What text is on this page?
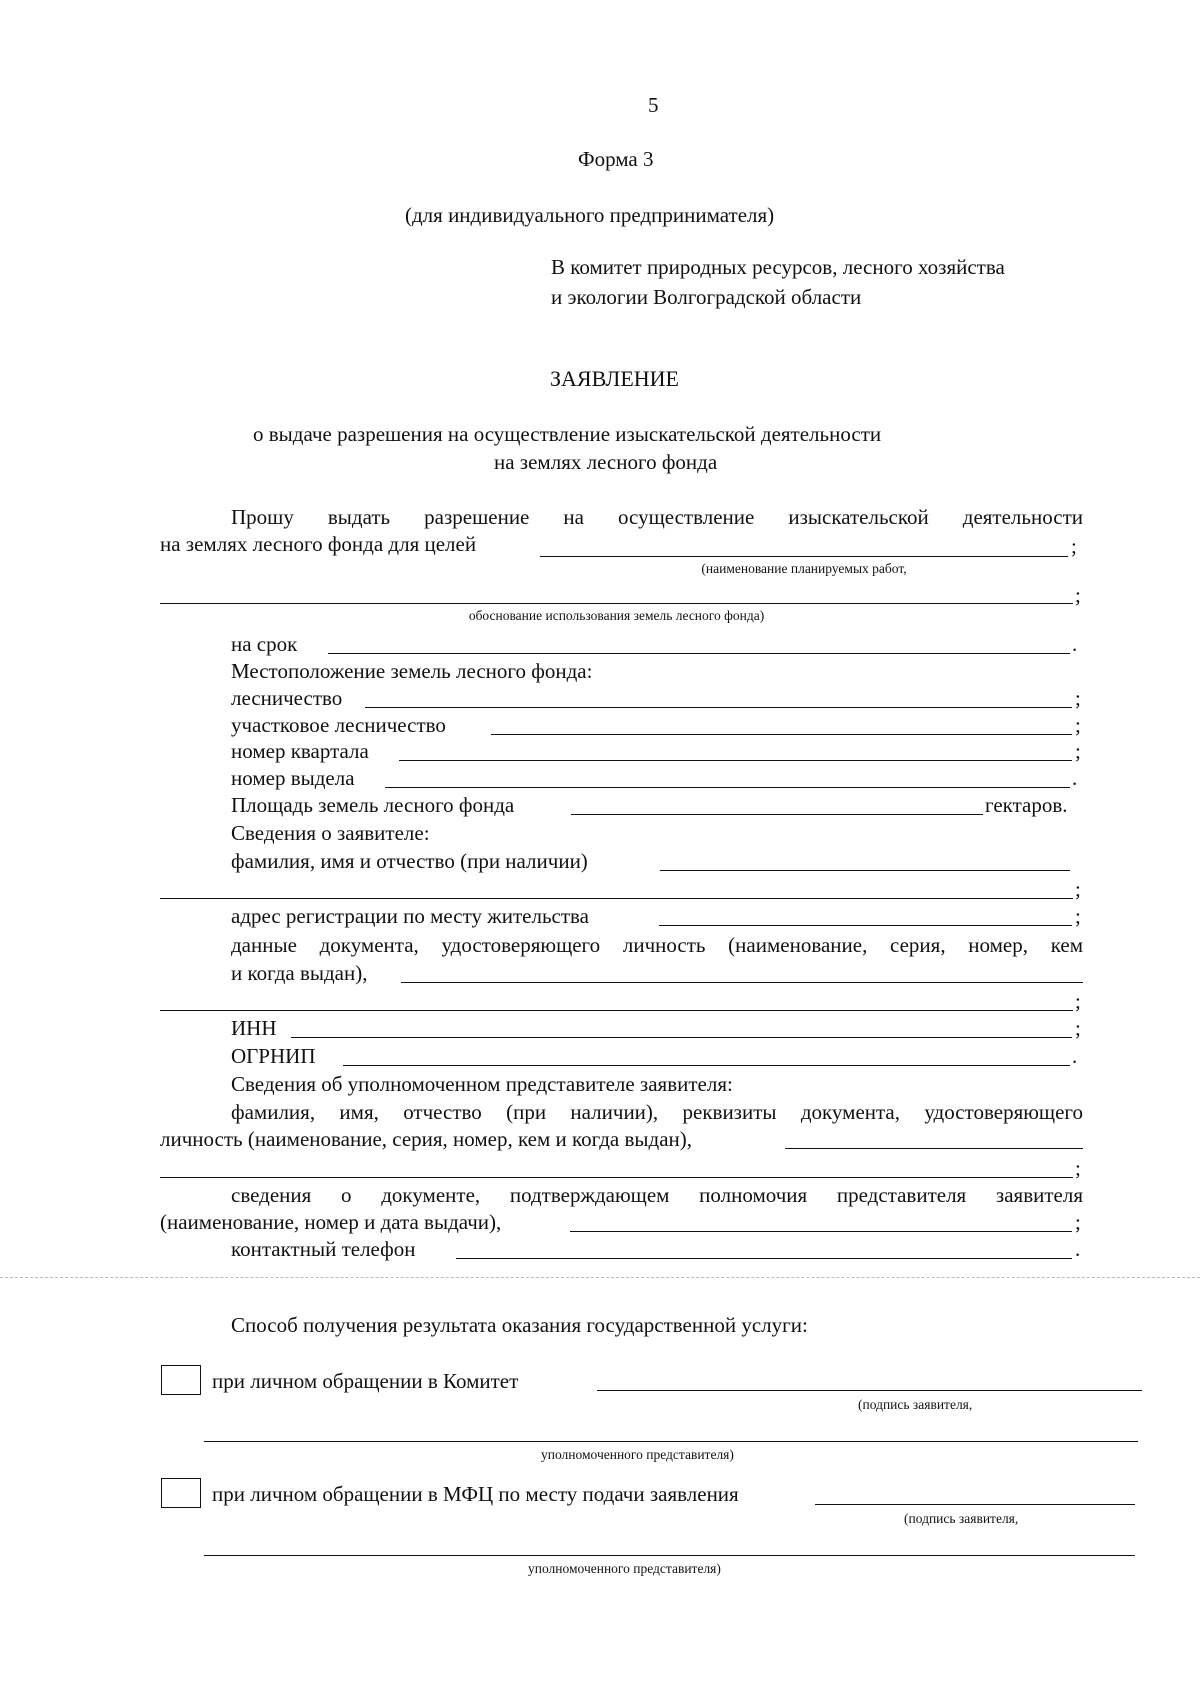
5
Форма 3
(для индивидуального предпринимателя)
В комитет природных ресурсов, лесного хозяйства
и экологии Волгоградской области
ЗАЯВЛЕНИЕ
о выдаче разрешения на осуществление изыскательской деятельности
на землях лесного фонда
Прошу выдать разрешение на осуществление изыскательской деятельности
на землях лесного фонда для целей	;
(наименование планируемых работ,
;
обоснование использования земель лесного фонда)
на срок	.
Местоположение земель лесного фонда:
лесничество	;
участковое лесничество	;
номер квартала	;
номер выдела	.
Площадь земель лесного фонда	гектаров.
Сведения о заявителе:
фамилия, имя и отчество (при наличии)
;
адрес регистрации по месту жительства	;
данные документа, удостоверяющего личность (наименование, серия, номер, кем
и когда выдан),
;
ИНН	;
ОГРНИП	.
Сведения об уполномоченном представителе заявителя:
фамилия, имя, отчество (при наличии), реквизиты документа, удостоверяющего
личность (наименование, серия, номер, кем и когда выдан),
;
сведения о документе, подтверждающем полномочия представителя заявителя
(наименование, номер и дата выдачи),	;
контактный телефон	.
Способ получения результата оказания государственной услуги:
при личном обращении в Комитет
(подпись заявителя,
уполномоченного представителя)
при личном обращении в МФЦ по месту подачи заявления
(подпись заявителя,
уполномоченного представителя)
